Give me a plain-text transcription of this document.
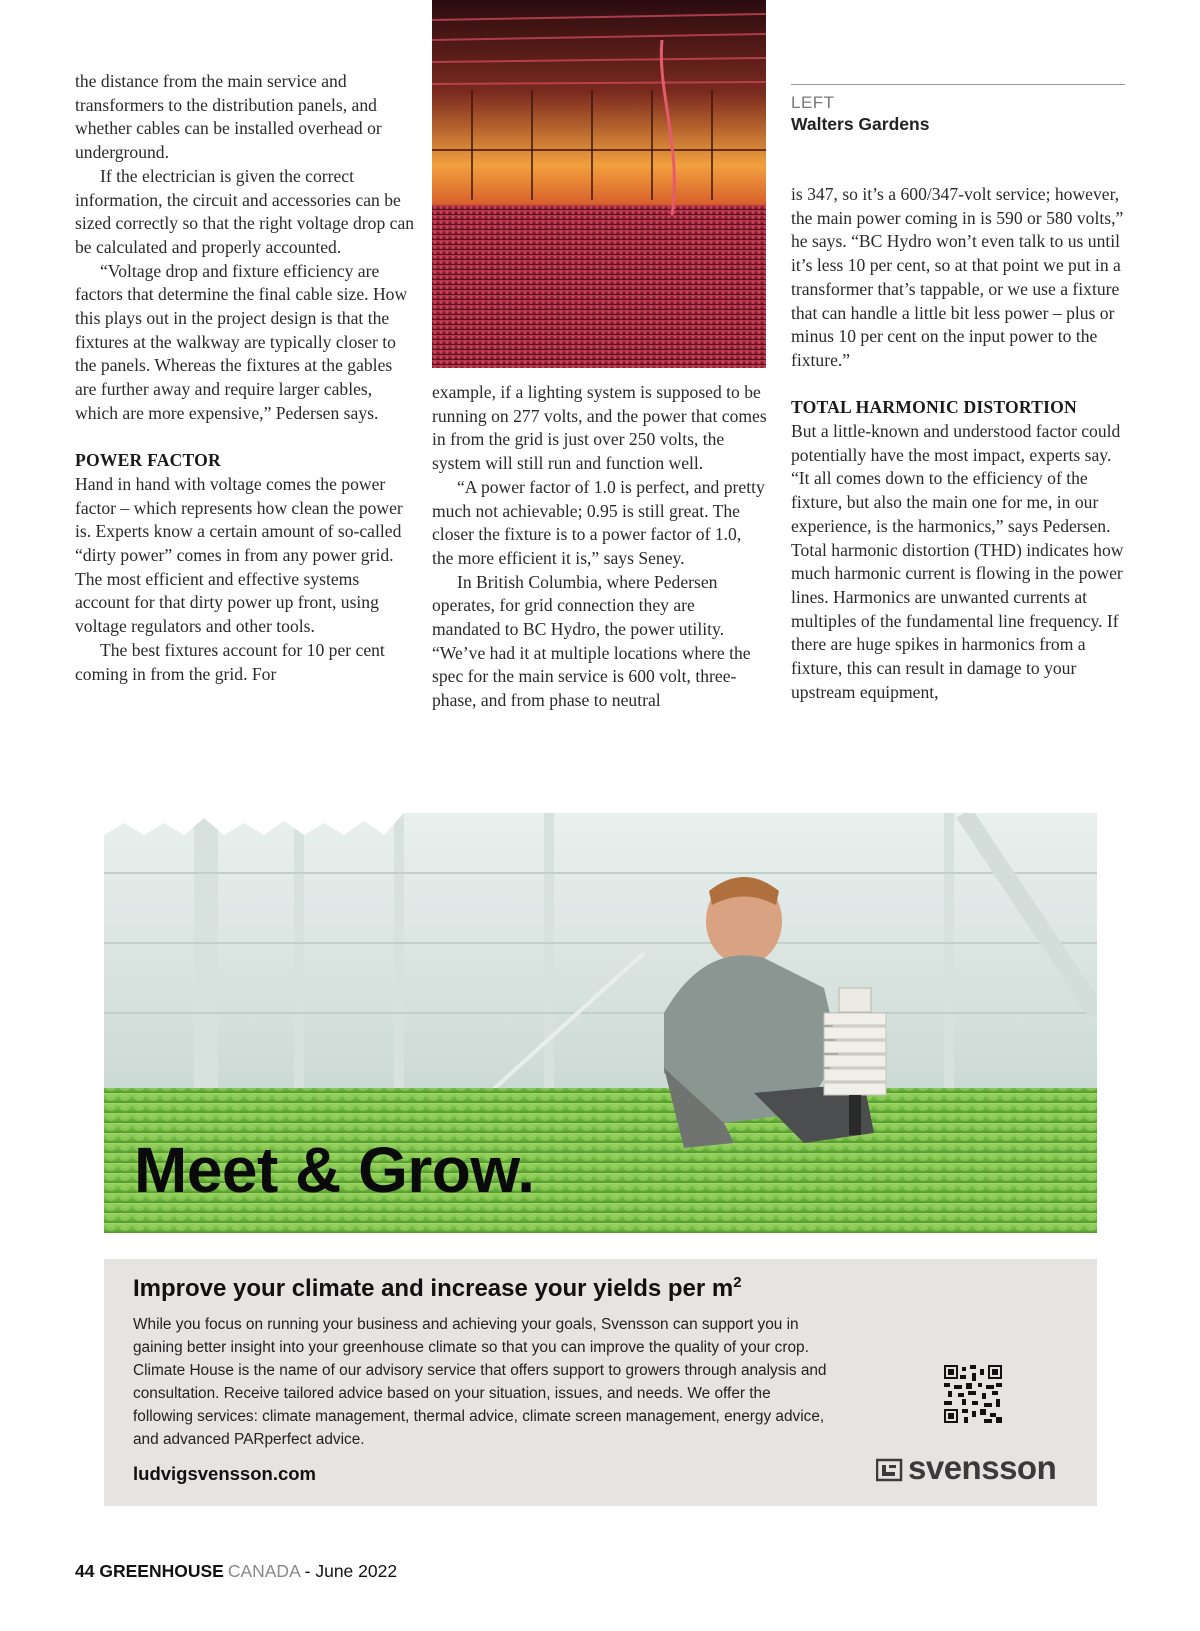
the distance from the main service and transformers to the distribution panels, and whether cables can be installed overhead or underground.

If the electrician is given the correct information, the circuit and accessories can be sized correctly so that the right voltage drop can be calculated and properly accounted.

“Voltage drop and fixture efficiency are factors that determine the final cable size. How this plays out in the project design is that the fixtures at the walkway are typically closer to the panels. Whereas the fixtures at the gables are further away and require larger cables, which are more expensive,” Pedersen says.

POWER FACTOR

Hand in hand with voltage comes the power factor – which represents how clean the power is. Experts know a certain amount of so-called “dirty power” comes in from any power grid. The most efficient and effective systems account for that dirty power up front, using voltage regulators and other tools.

The best fixtures account for 10 per cent coming in from the grid. For

LEFT
Walters Gardens

example, if a lighting system is supposed to be running on 277 volts, and the power that comes in from the grid is just over 250 volts, the system will still run and function well.

“A power factor of 1.0 is perfect, and pretty much not achievable; 0.95 is still great. The closer the fixture is to a power factor of 1.0, the more efficient it is,” says Seney.

In British Columbia, where Pedersen operates, for grid connection they are mandated to BC Hydro, the power utility. “We’ve had it at multiple locations where the spec for the main service is 600 volt, three-phase, and from phase to neutral

is 347, so it’s a 600/347-volt service; however, the main power coming in is 590 or 580 volts,” he says. “BC Hydro won’t even talk to us until it’s less 10 per cent, so at that point we put in a transformer that’s tappable, or we use a fixture that can handle a little bit less power – plus or minus 10 per cent on the input power to the fixture.”

TOTAL HARMONIC DISTORTION

But a little-known and understood factor could potentially have the most impact, experts say. “It all comes down to the efficiency of the fixture, but also the main one for me, in our experience, is the harmonics,” says Pedersen. Total harmonic distortion (THD) indicates how much harmonic current is flowing in the power lines. Harmonics are unwanted currents at multiples of the fundamental line frequency. If there are huge spikes in harmonics from a fixture, this can result in damage to your upstream equipment,

Meet & Grow.
Improve your climate and increase your yields per $m^2$
While you focus on running your business and achieving your goals, Svensson can support you in gaining better insight into your greenhouse climate so that you can improve the quality of your crop. Climate House is the name of our advisory service that offers support to growers through analysis and consultation. Receive tailored advice based on your situation, issues, and needs. We offer the following services: climate management, thermal advice, climate screen management, energy advice, and advanced PARperfect advice.
ludvigsvensson.com	svensson
44 GREENHOUSE CANADA - June 2022
